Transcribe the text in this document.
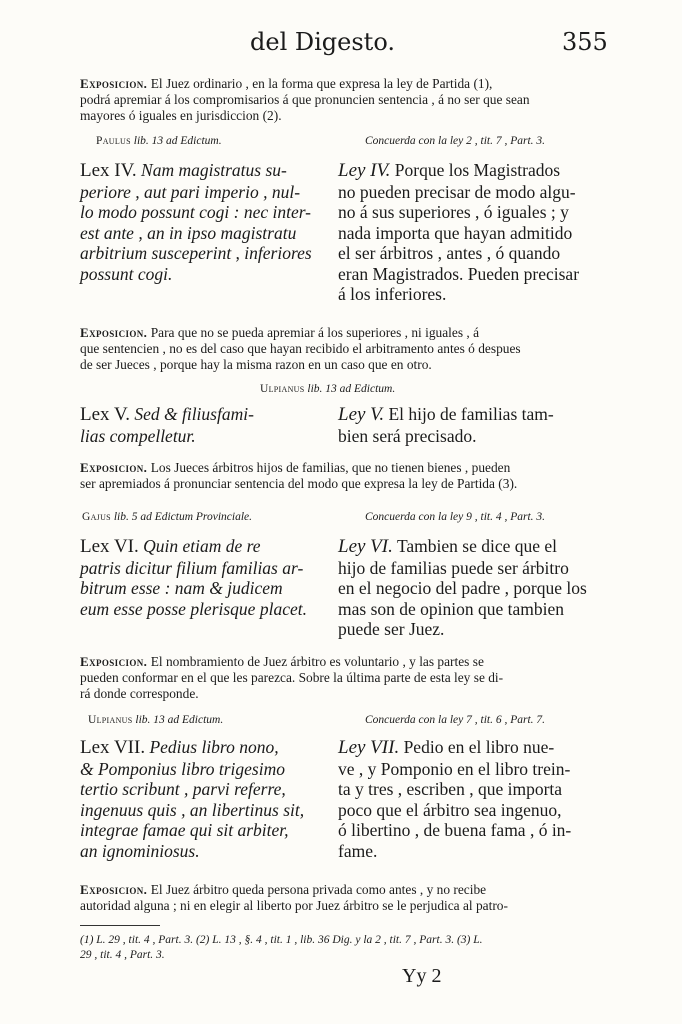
del Digesto.	355
Exposicion. El Juez ordinario , en la forma que expresa la ley de Partida (1),
podrá apremiar á los compromisarios á que pronuncien sentencia , á no ser que sean
mayores ó iguales en jurisdiccion (2).
Paulus lib. 13 ad Edictum.	Concuerda con la ley 2 , tit. 7 , Part. 3.
Lex IV. Nam magistratus su-
periore , aut pari imperio , nul-
lo modo possunt cogi : nec inter-
est ante , an in ipso magistratu
arbitrium susceperint , inferiores
possunt cogi.
Ley IV. Porque los Magistrados
no pueden precisar de modo algu-
no á sus superiores , ó iguales ; y
nada importa que hayan admitido
el ser árbitros , antes , ó quando
eran Magistrados. Pueden precisar
á los inferiores.
Exposicion. Para que no se pueda apremiar á los superiores , ni iguales , á
que sentencien , no es del caso que hayan recibido el arbitramento antes ó despues
de ser Jueces , porque hay la misma razon en un caso que en otro.
Ulpianus lib. 13 ad Edictum.
Lex V. Sed & filiusfami-
lias compelletur.
Ley V. El hijo de familias tam-
bien será precisado.
Exposicion. Los Jueces árbitros hijos de familias, que no tienen bienes , pueden
ser apremiados á pronunciar sentencia del modo que expresa la ley de Partida (3).
Gajus lib. 5 ad Edictum Provinciale.	Concuerda con la ley 9 , tit. 4 , Part. 3.
Lex VI. Quin etiam de re
patris dicitur filium familias ar-
bitrum esse : nam & judicem
eum esse posse plerisque placet.
Ley VI. Tambien se dice que el
hijo de familias puede ser árbitro
en el negocio del padre , porque los
mas son de opinion que tambien
puede ser Juez.
Exposicion. El nombramiento de Juez árbitro es voluntario , y las partes se
pueden conformar en el que les parezca. Sobre la última parte de esta ley se di-
rá donde corresponde.
Ulpianus lib. 13 ad Edictum.	Concuerda con la ley 7 , tit. 6 , Part. 7.
Lex VII. Pedius libro nono,
& Pomponius libro trigesimo
tertio scribunt , parvi referre,
ingenuus quis , an libertinus sit,
integrae famae qui sit arbiter,
an ignominiosus.
Ley VII. Pedio en el libro nue-
ve , y Pomponio en el libro trein-
ta y tres , escriben , que importa
poco que el árbitro sea ingenuo,
ó libertino , de buena fama , ó in-
fame.
Exposicion. El Juez árbitro queda persona privada como antes , y no recibe
autoridad alguna ; ni en elegir al liberto por Juez árbitro se le perjudica al patro-
(1) L. 29 , tit. 4 , Part. 3. (2) L. 13 , §. 4 , tit. 1 , lib. 36 Dig. y la 2 , tit. 7 , Part. 3. (3) L.
29 , tit. 4 , Part. 3.
Yy 2
